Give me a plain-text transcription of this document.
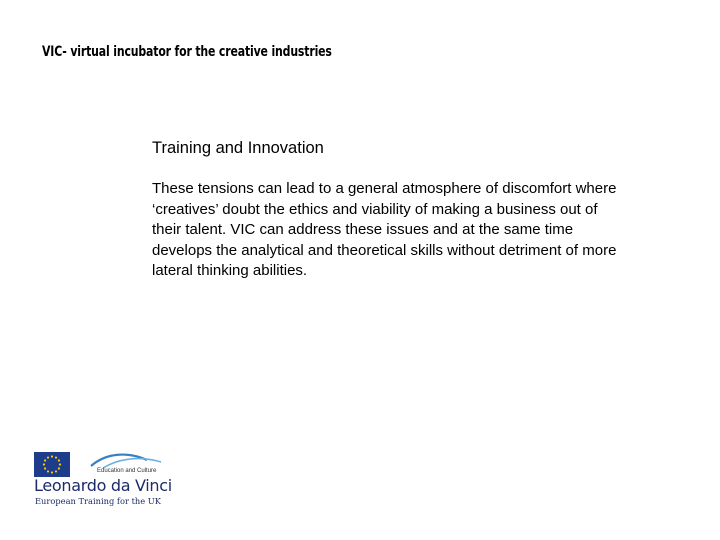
VIC- virtual incubator for the creative industries
Training and Innovation

These tensions can lead to a general atmosphere of discomfort where ‘creatives’ doubt the ethics and viability of making a business out of their talent. VIC can address these issues and at the same time develops the analytical and theoretical skills without detriment of more lateral thinking abilities.

Education and Culture
Leonardo da Vinci
European Training for the UK
